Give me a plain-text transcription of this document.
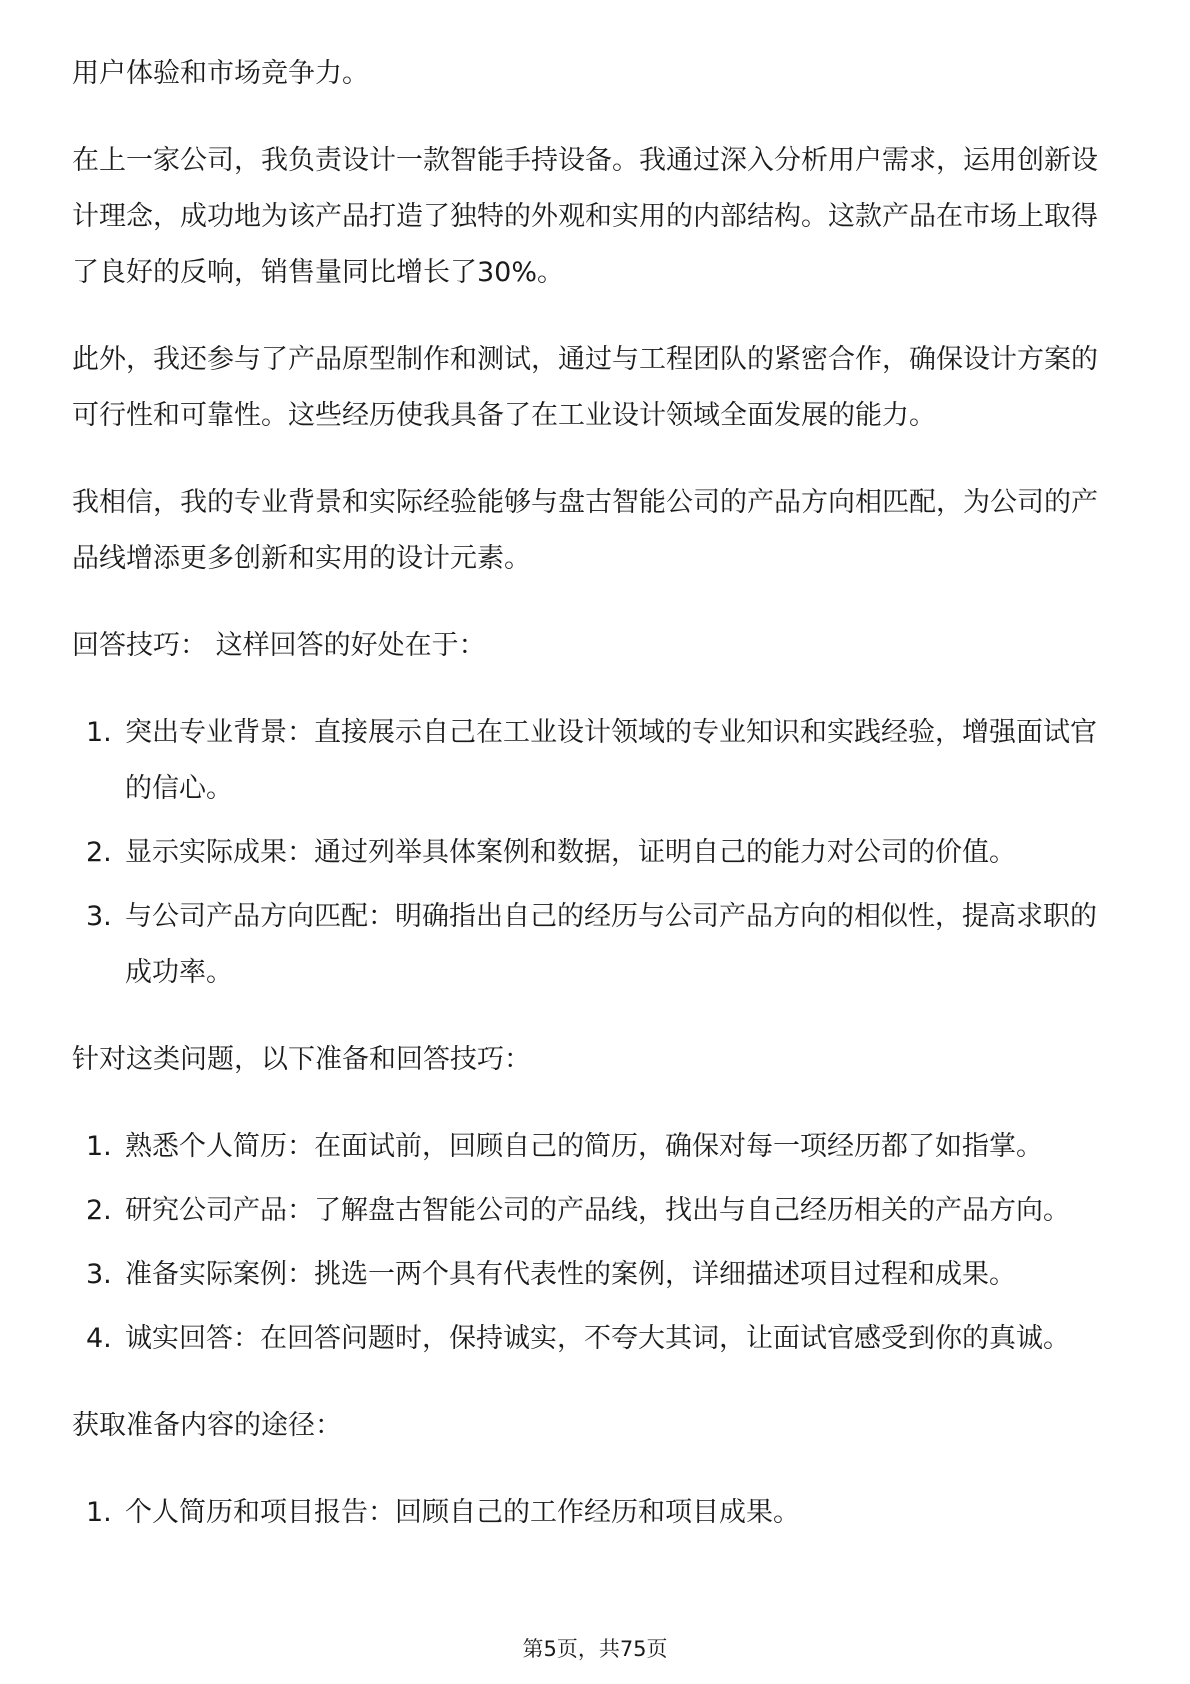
用户体验和市场竞争力。

在上一家公司，我负责设计一款智能手持设备。我通过深入分析用户需求，运用创新设计理念，成功地为该产品打造了独特的外观和实用的内部结构。这款产品在市场上取得了良好的反响，销售量同比增长了30%。

此外，我还参与了产品原型制作和测试，通过与工程团队的紧密合作，确保设计方案的可行性和可靠性。这些经历使我具备了在工业设计领域全面发展的能力。

我相信，我的专业背景和实际经验能够与盘古智能公司的产品方向相匹配，为公司的产品线增添更多创新和实用的设计元素。

回答技巧： 这样回答的好处在于：

1. 突出专业背景：直接展示自己在工业设计领域的专业知识和实践经验，增强面试官的信心。
2. 显示实际成果：通过列举具体案例和数据，证明自己的能力对公司的价值。
3. 与公司产品方向匹配：明确指出自己的经历与公司产品方向的相似性，提高求职的成功率。

针对这类问题，以下准备和回答技巧：

1. 熟悉个人简历：在面试前，回顾自己的简历，确保对每一项经历都了如指掌。
2. 研究公司产品：了解盘古智能公司的产品线，找出与自己经历相关的产品方向。
3. 准备实际案例：挑选一两个具有代表性的案例，详细描述项目过程和成果。
4. 诚实回答：在回答问题时，保持诚实，不夸大其词，让面试官感受到你的真诚。

获取准备内容的途径：

1. 个人简历和项目报告：回顾自己的工作经历和项目成果。
第5页，共75页
